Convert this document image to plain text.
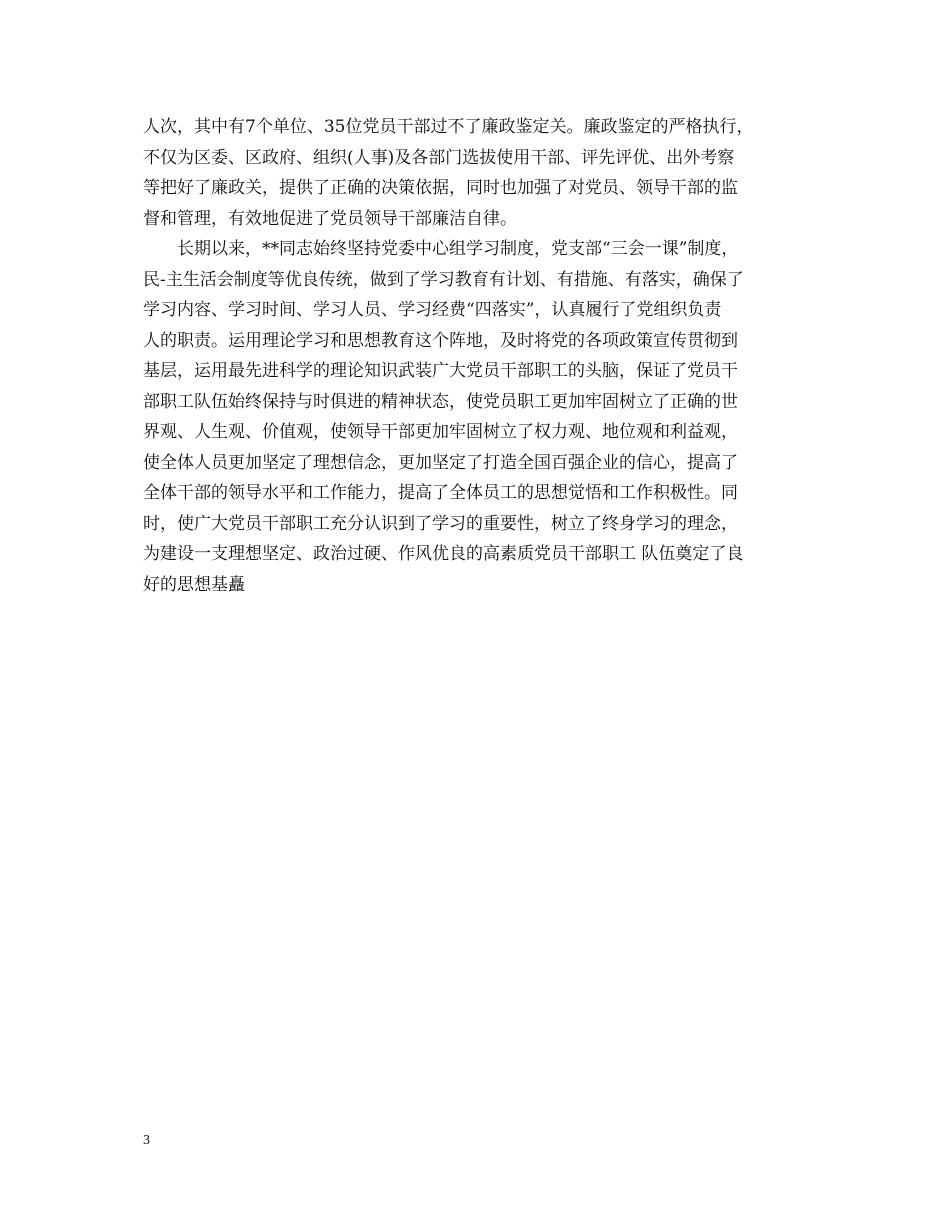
人次，其中有7个单位、35位党员干部过不了廉政鉴定关。廉政鉴定的严格执行，
不仅为区委、区政府、组织(人事)及各部门选拔使用干部、评先评优、出外考察
等把好了廉政关，提供了正确的决策依据，同时也加强了对党员、领导干部的监
督和管理，有效地促进了党员领导干部廉洁自律。
　　长期以来，**同志始终坚持党委中心组学习制度，党支部“三会一课”制度，
民-主生活会制度等优良传统，做到了学习教育有计划、有措施、有落实，确保了
学习内容、学习时间、学习人员、学习经费“四落实”，认真履行了党组织负责
人的职责。运用理论学习和思想教育这个阵地，及时将党的各项政策宣传贯彻到
基层，运用最先进科学的理论知识武装广大党员干部职工的头脑，保证了党员干
部职工队伍始终保持与时俱进的精神状态，使党员职工更加牢固树立了正确的世
界观、人生观、价值观，使领导干部更加牢固树立了权力观、地位观和利益观，
使全体人员更加坚定了理想信念，更加坚定了打造全国百强企业的信心，提高了
全体干部的领导水平和工作能力，提高了全体员工的思想觉悟和工作积极性。同
时，使广大党员干部职工充分认识到了学习的重要性，树立了终身学习的理念，
为建设一支理想坚定、政治过硬、作风优良的高素质党员干部职工 队伍奠定了良
好的思想基矗
3
